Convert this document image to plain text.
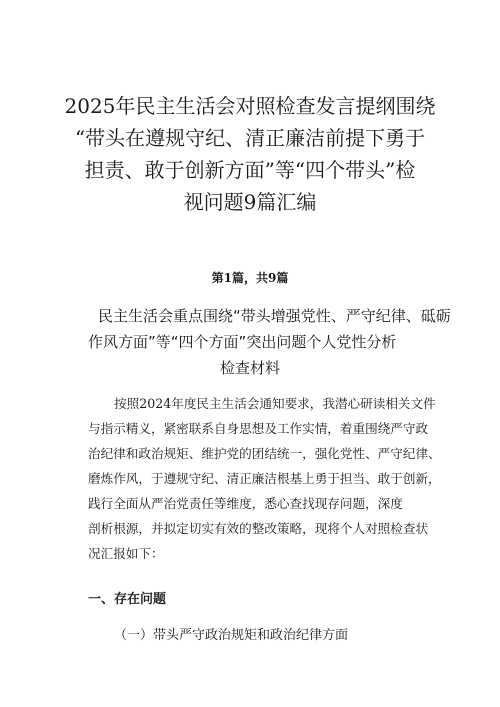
2025年民主生活会对照检查发言提纲围绕
“带头在遵规守纪、清正廉洁前提下勇于
担责、敢于创新方面”等“四个带头”检
视问题9篇汇编
第1篇，共9篇
民主生活会重点围绕“带头增强党性、严守纪律、砥砺
作风方面”等“四个方面”突出问题个人党性分析
检查材料
按照2024年度民主生活会通知要求，我潜心研读相关文件
与指示精义，紧密联系自身思想及工作实情，着重围绕严守政
治纪律和政治规矩、维护党的团结统一，强化党性、严守纪律、
磨炼作风，于遵规守纪、清正廉洁根基上勇于担当、敢于创新，
践行全面从严治党责任等维度，悉心查找现存问题，深度
剖析根源，并拟定切实有效的整改策略，现将个人对照检查状
况汇报如下：
一、存在问题
（一）带头严守政治规矩和政治纪律方面
